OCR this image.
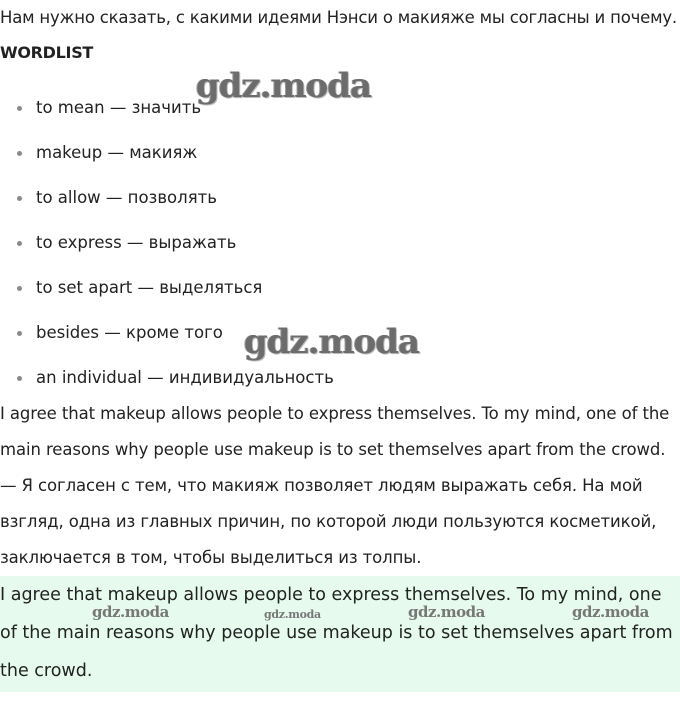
Нам нужно сказать, с какими идеями Нэнси о макияже мы согласны и почему.
WORDLIST
to mean — значить
makeup — макияж
to allow — позволять
to express — выражать
to set apart — выделяться
besides — кроме того
an individual — индивидуальность
I agree that makeup allows people to express themselves. To my mind, one of the main reasons why people use makeup is to set themselves apart from the crowd.
— Я согласен с тем, что макияж позволяет людям выражать себя. На мой взгляд, одна из главных причин, по которой люди пользуются косметикой, заключается в том, чтобы выделиться из толпы.

I agree that makeup allows people to express themselves. To my mind, one of the main reasons why people use makeup is to set themselves apart from the crowd.

gdz.moda
gdz.moda
gdz.moda	gdz.moda	gdz.moda	gdz.moda
